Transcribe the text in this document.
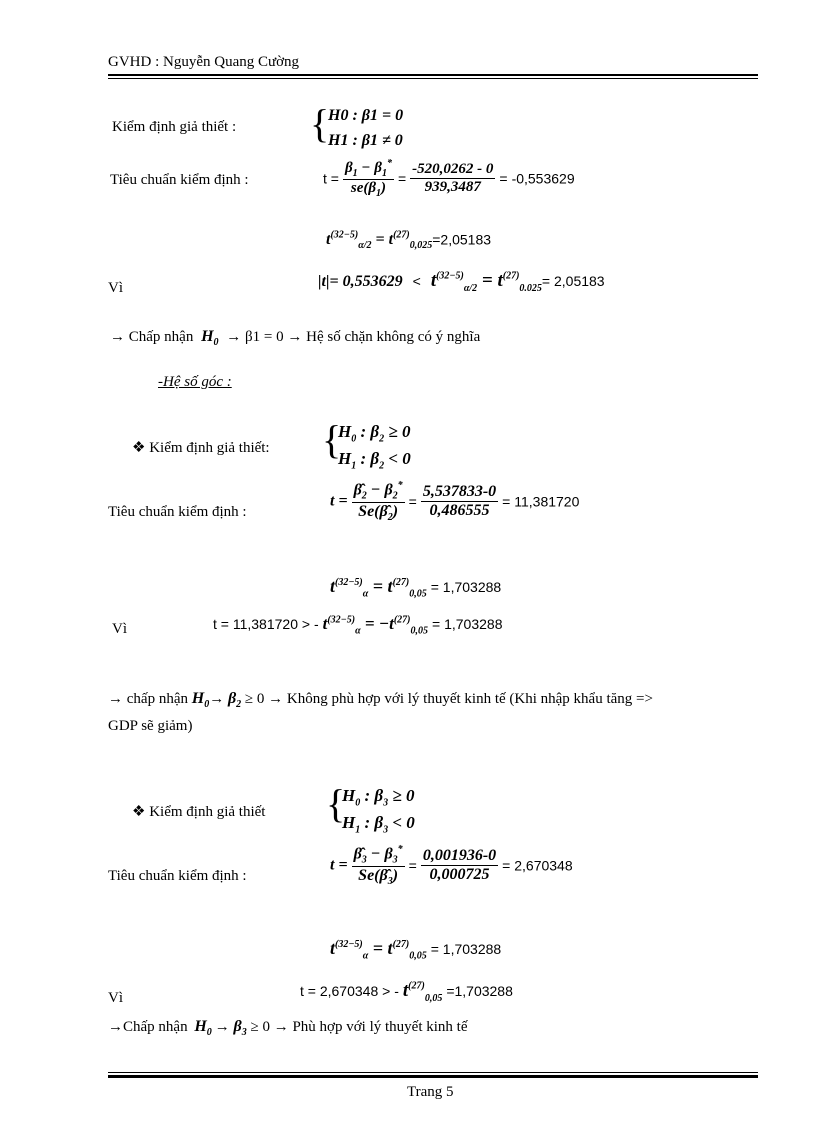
GVHD : Nguyễn Quang Cường
Kiểm định giả thiết : {
H0 : β1 = 0
H1 : β1 ≠ 0
Tiêu chuẩn kiểm định :	$t = \frac{\beta_1 - \beta_1^*}{se(\beta_1)} = \frac{-520,0262 - 0}{939,3487} = -0,553629$
$t^{(32-5)}_{\alpha/2} = t^{(27)}_{0,025}=2,05183$
Vì	$|t|= 0,553629 < t^{(32-5)}_{\alpha/2} = t^{(27)}_{0.025}= 2,05183$
→ Chấp nhận $H_0 \to \beta 1 = 0$ → Hệ số chặn không có ý nghĩa
-Hệ số góc :
❖ Kiểm định giả thiết: {
$H_0$ : $\beta_2 \ge 0$
$H_1$ : $\beta_2 < 0$
Tiêu chuẩn kiểm định :
$t = \frac{\betâ_2 - \beta_2^*}{Se(\betâ_2)} = \frac{5,537833-0}{0,486555} = 11,381720$
$t^{(32-5)}_\alpha = t^{(27)}_{0,05} = 1,703288$
Vì	t = 11,381720 > - $t^{(32-5)}_\alpha = -t^{(27)}_{0,05} = 1,703288$
→ chấp nhận $H_0\to \beta_2 \ge 0$ → Không phù hợp với lý thuyết kinh tế (Khi nhập khẩu tăng =>
GDP sẽ giảm)
❖ Kiểm định giả thiết {
$H_0$ : $\beta_3 \ge 0$
$H_1$ : $\beta_3 < 0$
Tiêu chuẩn kiểm định :
$t = \frac{\betâ_3 - \beta_3^*}{Se(\betâ_3)} = \frac{0,001936-0}{0,000725} = 2,670348$
$t^{(32-5)}_\alpha = t^{(27)}_{0,05} = 1,703288$
Vì	t = 2,670348 > - $t^{(27)}_{0,05} =1,703288$
→Chấp nhận $H_0 \to \beta_3 \ge 0$ → Phù hợp với lý thuyết kinh tế
Trang 5
